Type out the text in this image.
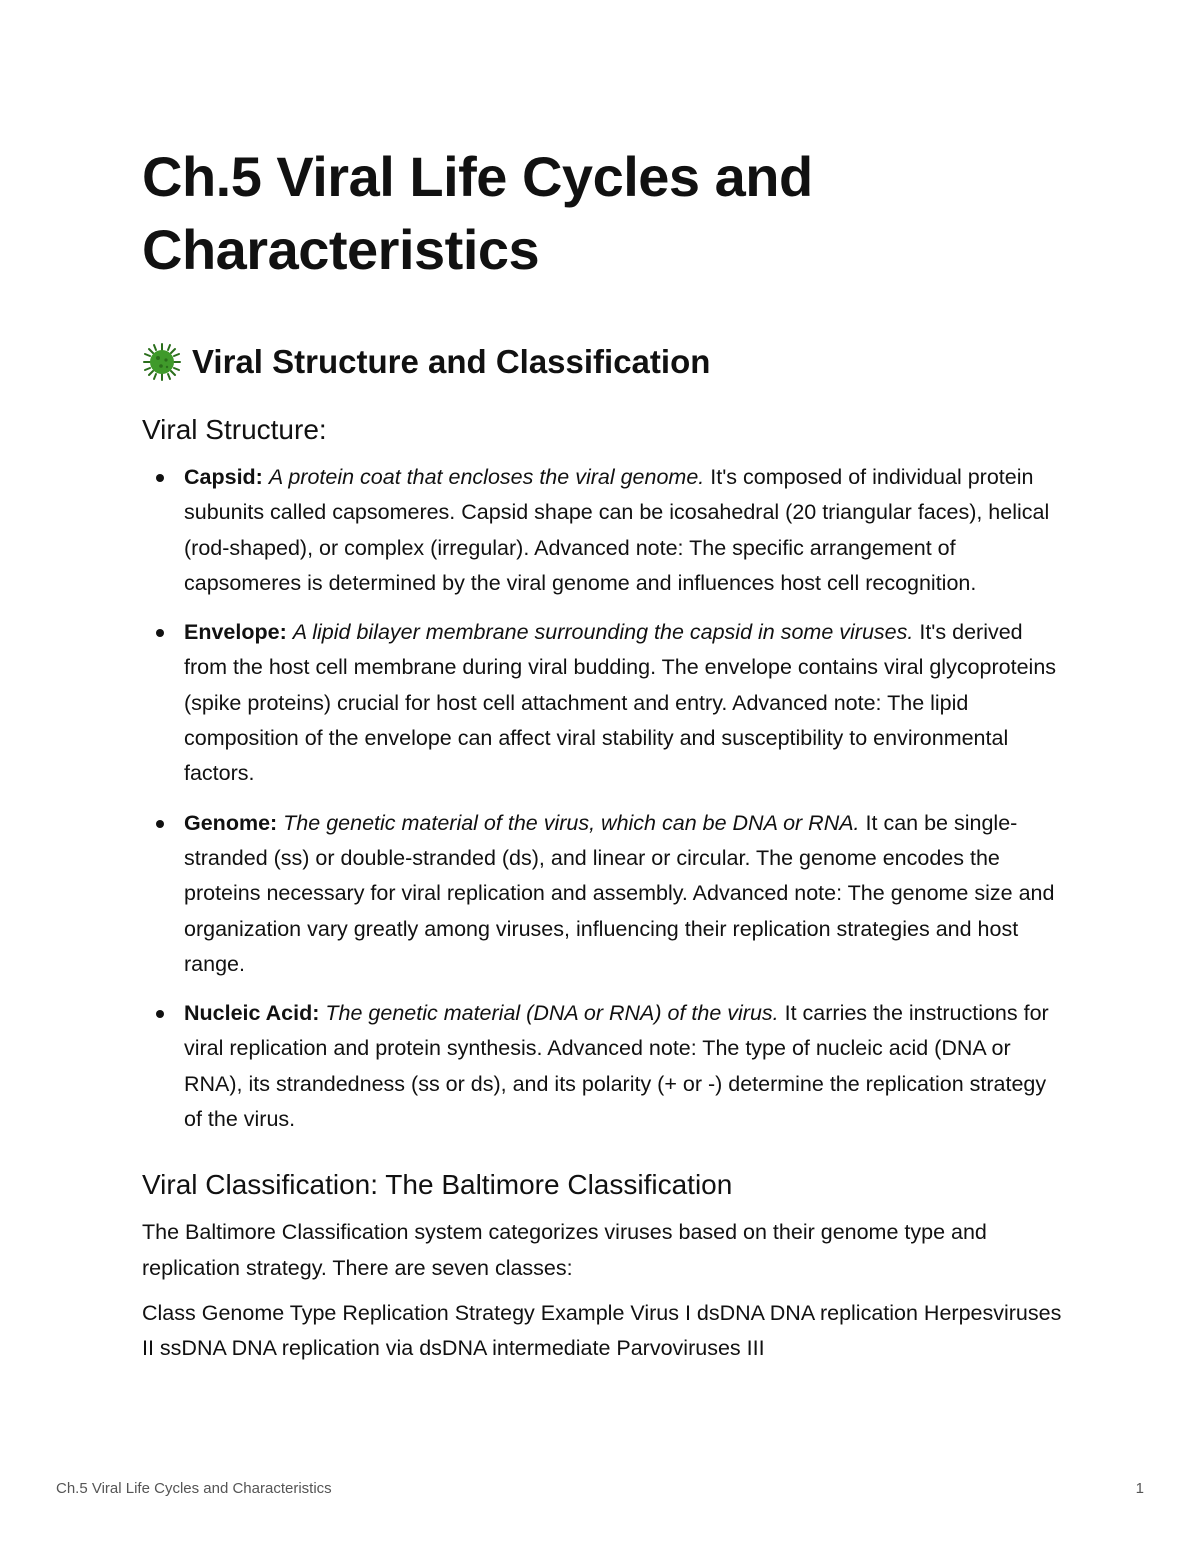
Ch.5 Viral Life Cycles and Characteristics
Viral Structure and Classification
Viral Structure:
Capsid: A protein coat that encloses the viral genome. It's composed of individual protein subunits called capsomeres. Capsid shape can be icosahedral (20 triangular faces), helical (rod-shaped), or complex (irregular). Advanced note: The specific arrangement of capsomeres is determined by the viral genome and influences host cell recognition.
Envelope: A lipid bilayer membrane surrounding the capsid in some viruses. It's derived from the host cell membrane during viral budding. The envelope contains viral glycoproteins (spike proteins) crucial for host cell attachment and entry. Advanced note: The lipid composition of the envelope can affect viral stability and susceptibility to environmental factors.
Genome: The genetic material of the virus, which can be DNA or RNA. It can be single-stranded (ss) or double-stranded (ds), and linear or circular. The genome encodes the proteins necessary for viral replication and assembly. Advanced note: The genome size and organization vary greatly among viruses, influencing their replication strategies and host range.
Nucleic Acid: The genetic material (DNA or RNA) of the virus. It carries the instructions for viral replication and protein synthesis. Advanced note: The type of nucleic acid (DNA or RNA), its strandedness (ss or ds), and its polarity (+ or -) determine the replication strategy of the virus.
Viral Classification: The Baltimore Classification

The Baltimore Classification system categorizes viruses based on their genome type and replication strategy. There are seven classes:

Class Genome Type Replication Strategy Example Virus I dsDNA DNA replication Herpesviruses II ssDNA DNA replication via dsDNA intermediate Parvoviruses III

Ch.5 Viral Life Cycles and Characteristics	1
